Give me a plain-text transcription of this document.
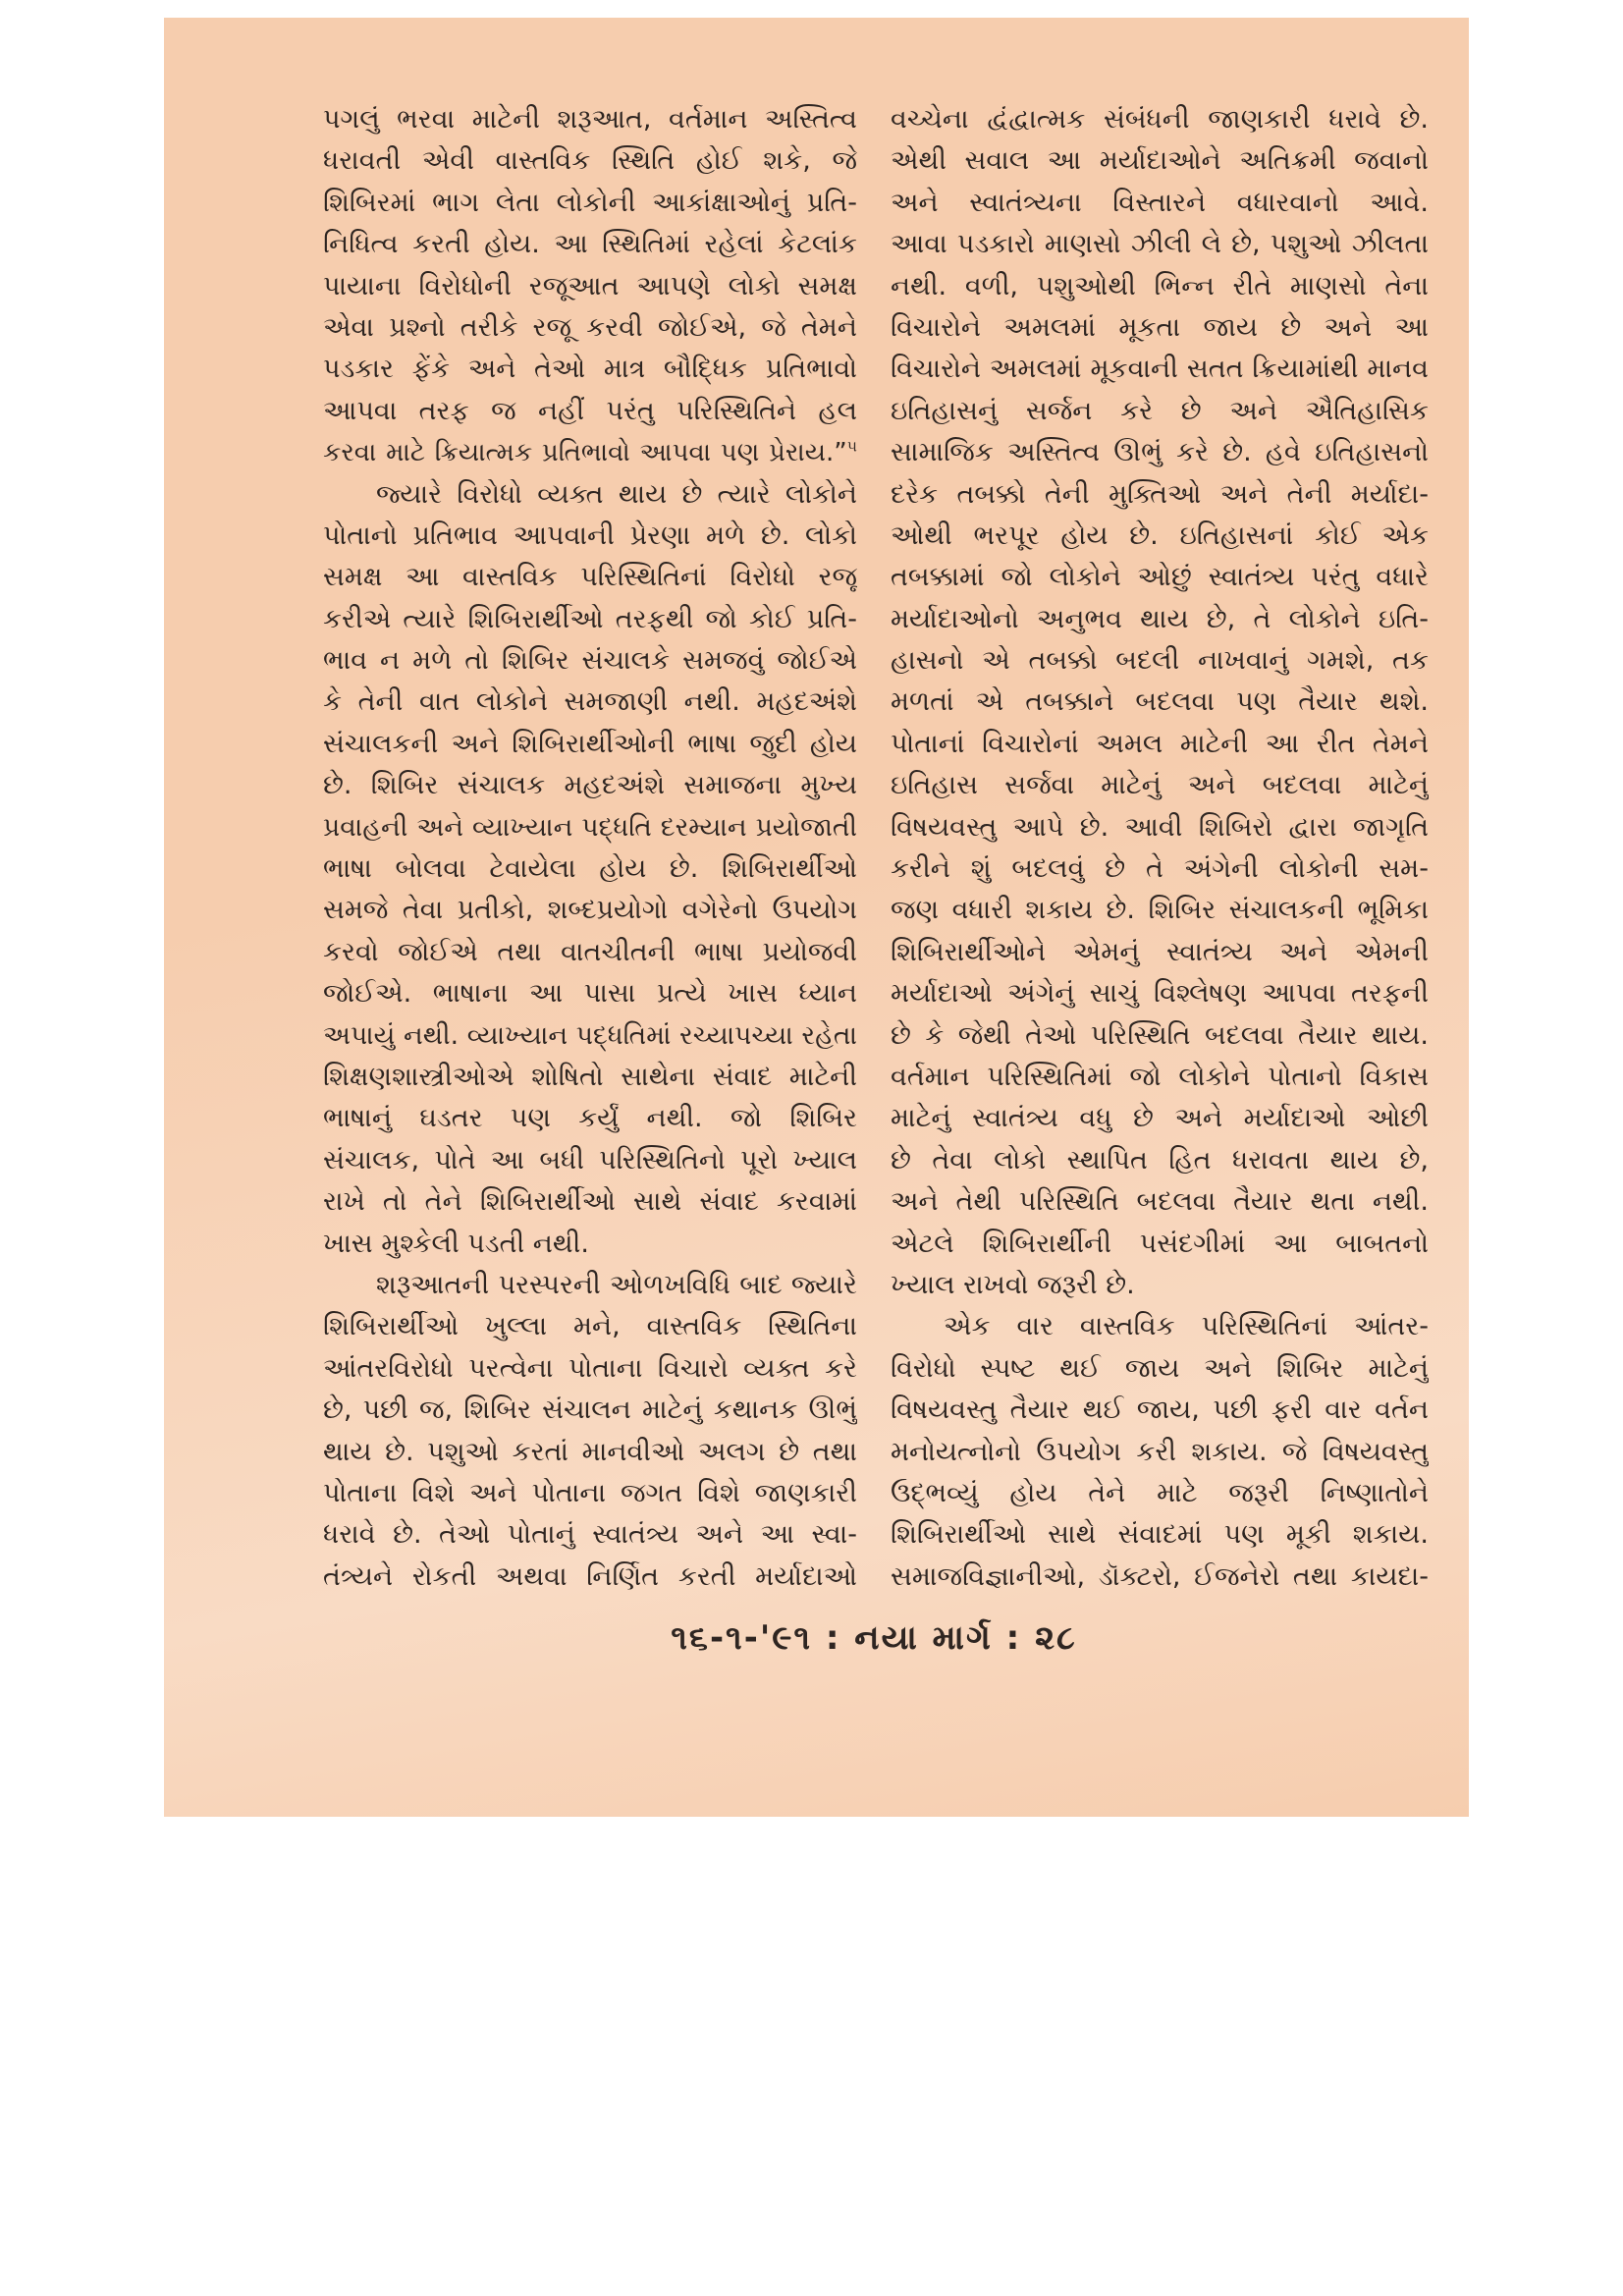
પગલું ભરવા માટેની શરૂઆત, વર્તમાન અસ્તિત્વ
ધરાવતી એવી વાસ્તવિક સ્થિતિ હોઈ શકે, જે
શિબિરમાં ભાગ લેતા લોકોની આકાંક્ષાઓનું પ્રતિ-
નિધિત્વ કરતી હોય. આ સ્થિતિમાં રહેલાં કેટલાંક
પાયાના વિરોધોની રજૂઆત આપણે લોકો સમક્ષ
એવા પ્રશ્નો તરીકે રજૂ કરવી જોઈએ, જે તેમને
પડકાર ફેંકે અને તેઓ માત્ર બૌદ્ધિક પ્રતિભાવો
આપવા તરફ જ નહીં પરંતુ પરિસ્થિતિને હલ
કરવા માટે ક્રિયાત્મક પ્રતિભાવો આપવા પણ પ્રેરાય.”$^૫$
જ્યારે વિરોધો વ્યક્ત થાય છે ત્યારે લોકોને
પોતાનો પ્રતિભાવ આપવાની પ્રેરણા મળે છે. લોકો
સમક્ષ આ વાસ્તવિક પરિસ્થિતિનાં વિરોધો રજૂ
કરીએ ત્યારે શિબિરાર્થીઓ તરફથી જો કોઈ પ્રતિ-
ભાવ ન મળે તો શિબિર સંચાલકે સમજવું જોઈએ
કે તેની વાત લોકોને સમજાણી નથી. મહદઅંશે
સંચાલકની અને શિબિરાર્થીઓની ભાષા જુદી હોય
છે. શિબિર સંચાલક મહદઅંશે સમાજના મુખ્ય
પ્રવાહની અને વ્યાખ્યાન પદ્ધતિ દરમ્યાન પ્રયોજાતી
ભાષા બોલવા ટેવાયેલા હોય છે. શિબિરાર્થીઓ
સમજે તેવા પ્રતીકો, શબ્દપ્રયોગો વગેરેનો ઉપયોગ
કરવો જોઈએ તથા વાતચીતની ભાષા પ્રયોજવી
જોઈએ. ભાષાના આ પાસા પ્રત્યે ખાસ ધ્યાન
અપાયું નથી. વ્યાખ્યાન પદ્ધતિમાં રચ્યાપચ્યા રહેતા
શિક્ષણશાસ્ત્રીઓએ શોષિતો સાથેના સંવાદ માટેની
ભાષાનું ઘડતર પણ કર્યું નથી. જો શિબિર
સંચાલક, પોતે આ બધી પરિસ્થિતિનો પૂરો ખ્યાલ
રાખે તો તેને શિબિરાર્થીઓ સાથે સંવાદ કરવામાં
ખાસ મુશ્કેલી પડતી નથી.
શરૂઆતની પરસ્પરની ઓળખવિધિ બાદ જ્યારે
શિબિરાર્થીઓ ખુલ્લા મને, વાસ્તવિક સ્થિતિના
આંતરવિરોધો પરત્વેના પોતાના વિચારો વ્યક્ત કરે
છે, પછી જ, શિબિર સંચાલન માટેનું કથાનક ઊભું
થાય છે. પશુઓ કરતાં માનવીઓ અલગ છે તથા
પોતાના વિશે અને પોતાના જગત વિશે જાણકારી
ધરાવે છે. તેઓ પોતાનું સ્વાતંત્ર્ય અને આ સ્વા-
તંત્ર્યને રોકતી અથવા નિર્ણિત કરતી મર્યાદાઓ
વચ્ચેના દ્વંદ્વાત્મક સંબંધની જાણકારી ધરાવે છે.
એથી સવાલ આ મર્યાદાઓને અતિક્રમી જવાનો
અને સ્વાતંત્ર્યના વિસ્તારને વધારવાનો આવે.
આવા પડકારો માણસો ઝીલી લે છે, પશુઓ ઝીલતા
નથી. વળી, પશુઓથી ભિન્ન રીતે માણસો તેના
વિચારોને અમલમાં મૂકતા જાય છે અને આ
વિચારોને અમલમાં મૂકવાની સતત ક્રિયામાંથી માનવ
ઇતિહાસનું સર્જન કરે છે અને ઐતિહાસિક
સામાજિક અસ્તિત્વ ઊભું કરે છે. હવે ઇતિહાસનો
દરેક તબક્કો તેની મુક્તિઓ અને તેની મર્યાદા-
ઓથી ભરપૂર હોય છે. ઇતિહાસનાં કોઈ એક
તબક્કામાં જો લોકોને ઓછું સ્વાતંત્ર્ય પરંતુ વધારે
મર્યાદાઓનો અનુભવ થાય છે, તે લોકોને ઇતિ-
હાસનો એ તબક્કો બદલી નાખવાનું ગમશે, તક
મળતાં એ તબક્કાને બદલવા પણ તૈયાર થશે.
પોતાનાં વિચારોનાં અમલ માટેની આ રીત તેમને
ઇતિહાસ સર્જવા માટેનું અને બદલવા માટેનું
વિષયવસ્તુ આપે છે. આવી શિબિરો દ્વારા જાગૃતિ
કરીને શું બદલવું છે તે અંગેની લોકોની સમ-
જણ વધારી શકાય છે. શિબિર સંચાલકની ભૂમિકા
શિબિરાર્થીઓને એમનું સ્વાતંત્ર્ય અને એમની
મર્યાદાઓ અંગેનું સાચું વિશ્લેષણ આપવા તરફની
છે કે જેથી તેઓ પરિસ્થિતિ બદલવા તૈયાર થાય.
વર્તમાન પરિસ્થિતિમાં જો લોકોને પોતાનો વિકાસ
માટેનું સ્વાતંત્ર્ય વધુ છે અને મર્યાદાઓ ઓછી
છે તેવા લોકો સ્થાપિત હિત ધરાવતા થાય છે,
અને તેથી પરિસ્થિતિ બદલવા તૈયાર થતા નથી.
એટલે શિબિરાર્થીની પસંદગીમાં આ બાબતનો
ખ્યાલ રાખવો જરૂરી છે.
એક વાર વાસ્તવિક પરિસ્થિતિનાં આંતર-
વિરોધો સ્પષ્ટ થઈ જાય અને શિબિર માટેનું
વિષયવસ્તુ તૈયાર થઈ જાય, પછી ફરી વાર વર્તન
મનોયત્નોનો ઉપયોગ કરી શકાય. જે વિષયવસ્તુ
ઉદ્ભવ્યું હોય તેને માટે જરૂરી નિષ્ણાતોને
શિબિરાર્થીઓ સાથે સંવાદમાં પણ મૂકી શકાય.
સમાજવિજ્ઞાનીઓ, ડૉક્ટરો, ઈજનેરો તથા કાયદા-
૧૬-૧-'૯૧ : નયા માર્ગ : ૨૮
